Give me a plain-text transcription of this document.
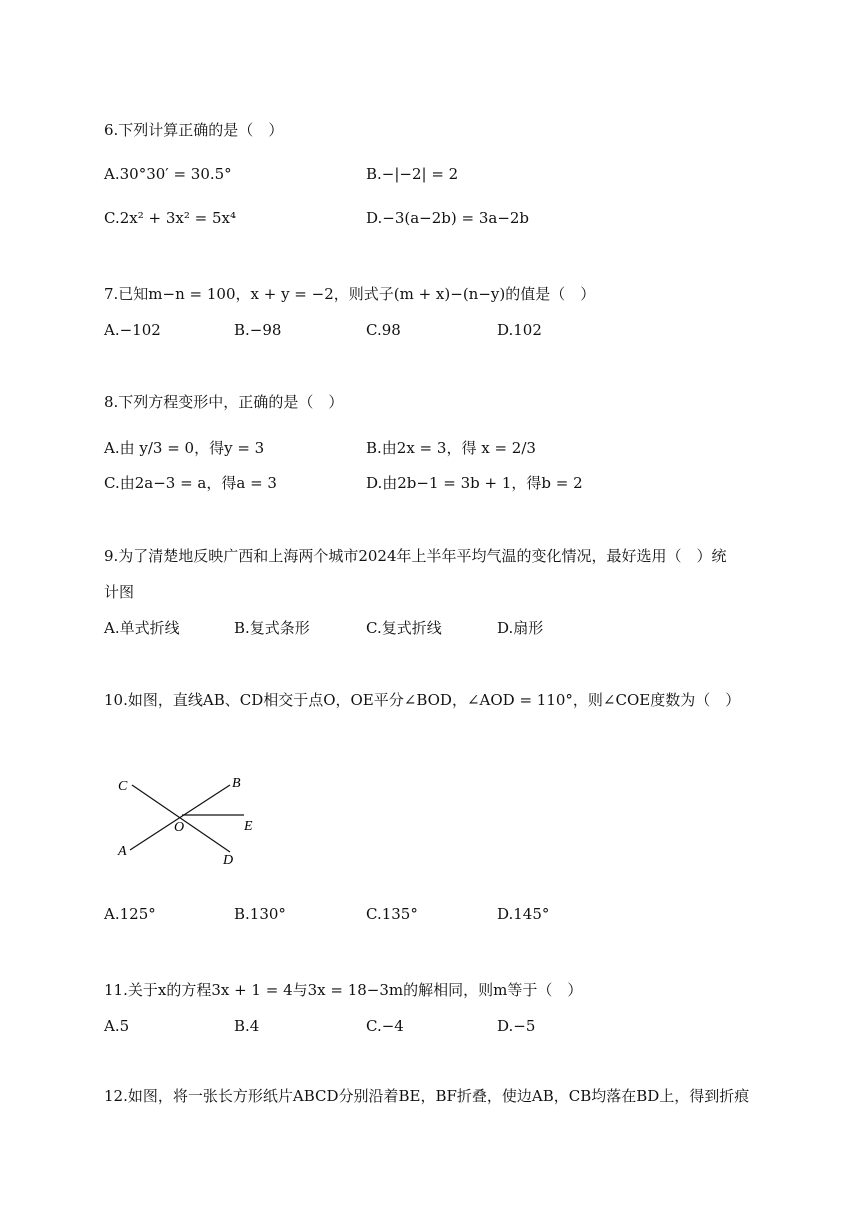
6.下列计算正确的是（　）
A.30°30′ = 30.5°	B.−|−2| = 2
C.2x² + 3x² = 5x⁴	D.−3(a−2b) = 3a−2b
7.已知m−n = 100，x + y = −2，则式子(m + x)−(n−y)的值是（　）
A.−102	B.−98	C.98	D.102
8.下列方程变形中，正确的是（　）
A.由 y/3 = 0，得y = 3	B.由2x = 3，得 x = 2/3
C.由2a−3 = a，得a = 3	D.由2b−1 = 3b + 1，得b = 2
9.为了清楚地反映广西和上海两个城市2024年上半年平均气温的变化情况，最好选用（　）统
计图
A.单式折线	B.复式条形	C.复式折线	D.扇形
10.如图，直线AB、CD相交于点O，OE平分∠BOD，∠AOD = 110°，则∠COE度数为（　）
C	B
O	E
A
D
A.125°	B.130°	C.135°	D.145°
11.关于x的方程3x + 1 = 4与3x = 18−3m的解相同，则m等于（　）
A.5	B.4	C.−4	D.−5
12.如图，将一张长方形纸片ABCD分别沿着BE，BF折叠，使边AB，CB均落在BD上，得到折痕
